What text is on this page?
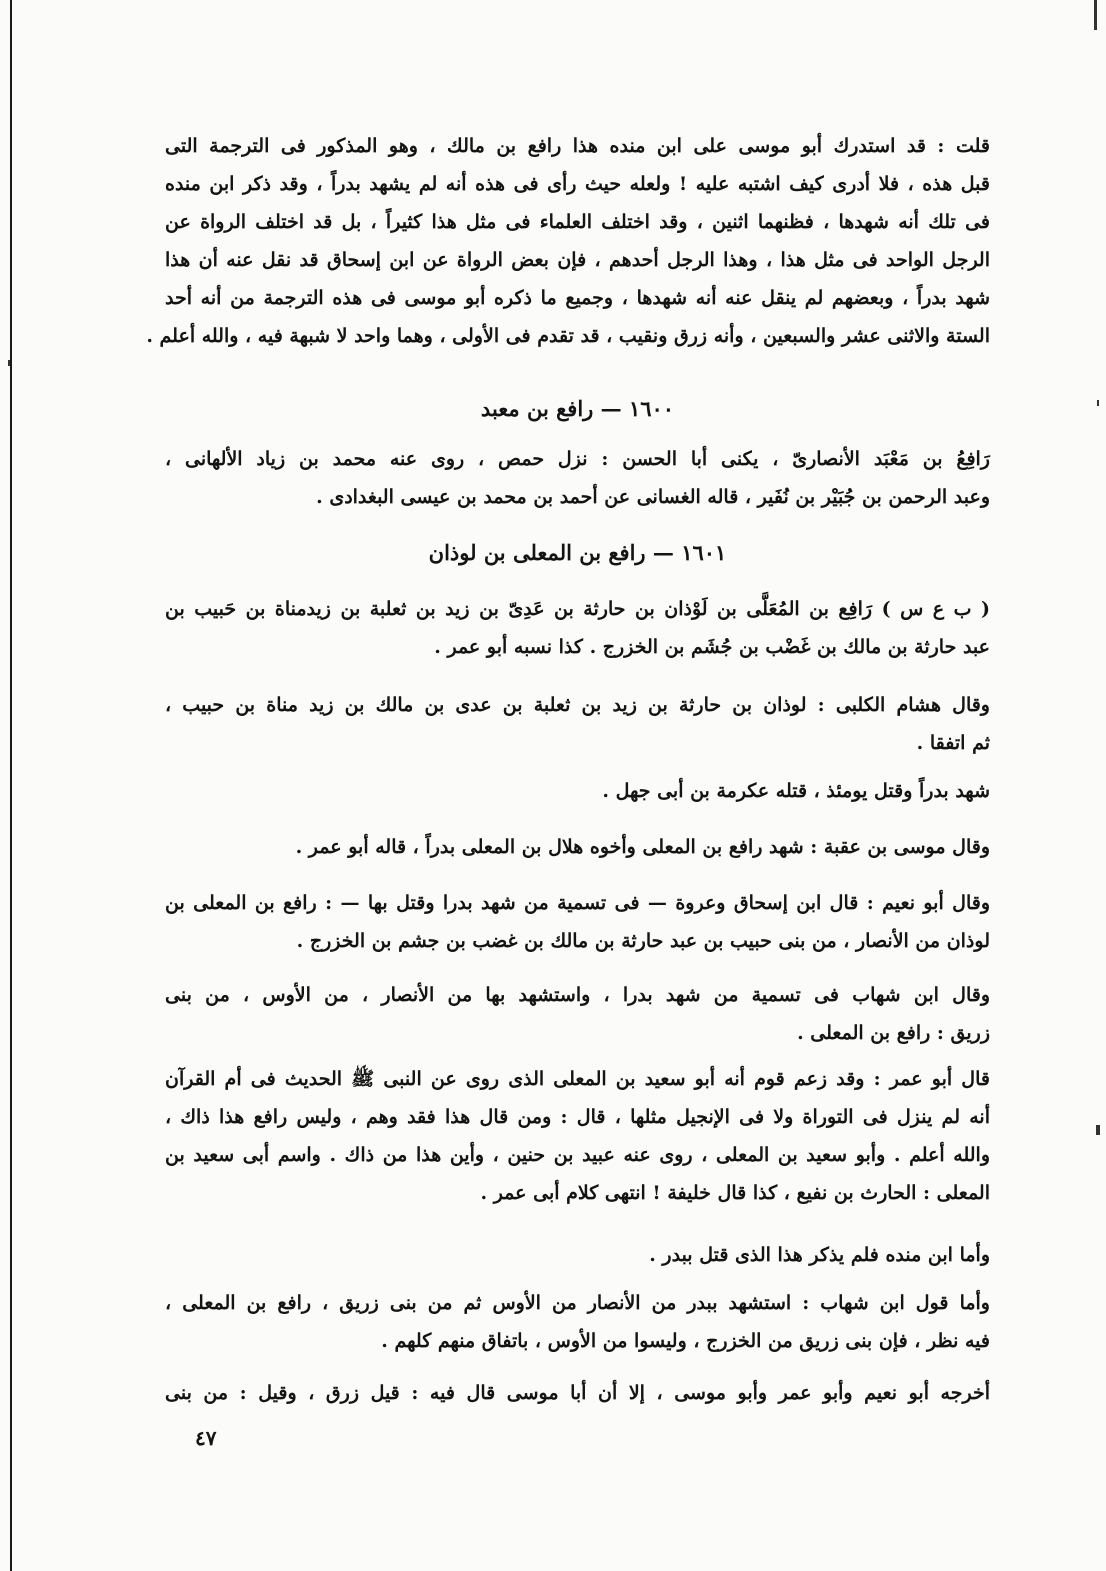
قلت : قد استدرك أبو موسى على ابن منده هذا رافع بن مالك ، وهو المذكور فى الترجمة التى
قبل هذه ، فلا أدرى كيف اشتبه عليه ! ولعله حيث رأى فى هذه أنه لم يشهد بدراً ، وقد ذكر ابن منده
فى تلك أنه شهدها ، فظنهما اثنين ، وقد اختلف العلماء فى مثل هذا كثيراً ، بل قد اختلف الرواة عن
الرجل الواحد فى مثل هذا ، وهذا الرجل أحدهم ، فإن بعض الرواة عن ابن إسحاق قد نقل عنه أن هذا
شهد بدراً ، وبعضهم لم ينقل عنه أنه شهدها ، وجميع ما ذكره أبو موسى فى هذه الترجمة من أنه أحد
الستة والاثنى عشر والسبعين ، وأنه زرق ونقيب ، قد تقدم فى الأولى ، وهما واحد لا شبهة فيه ، والله أعلم .
١٦٠٠ — رافع بن معبد
رَافِعُ بن مَعْبَد الأنصارىّ ، يكنى أبا الحسن : نزل حمص ، روى عنه محمد بن زياد الألهانى ،
وعبد الرحمن بن جُبَيْر بن نُفَير ، قاله الغسانى عن أحمد بن محمد بن عيسى البغدادى .
١٦٠١ — رافع بن المعلى بن لوذان
( ب ع س ) رَافِع بن المُعَلَّى بن لَوْذان بن حارثة بن عَدِىّ بن زيد بن ثعلبة بن زيدمناة بن حَبيب بن
عبد حارثة بن مالك بن غَضْب بن جُشَم بن الخزرج . كذا نسبه أبو عمر .
وقال هشام الكلبى : لوذان بن حارثة بن زيد بن ثعلبة بن عدى بن مالك بن زيد مناة بن حبيب ،
ثم اتفقا .
شهد بدراً وقتل يومئذ ، قتله عكرمة بن أبى جهل .
وقال موسى بن عقبة : شهد رافع بن المعلى وأخوه هلال بن المعلى بدراً ، قاله أبو عمر .
وقال أبو نعيم : قال ابن إسحاق وعروة — فى تسمية من شهد بدرا وقتل بها — : رافع بن المعلى بن
لوذان من الأنصار ، من بنى حبيب بن عبد حارثة بن مالك بن غضب بن جشم بن الخزرج .
وقال ابن شهاب فى تسمية من شهد بدرا ، واستشهد بها من الأنصار ، من الأوس ، من بنى
زريق : رافع بن المعلى .
قال أبو عمر : وقد زعم قوم أنه أبو سعيد بن المعلى الذى روى عن النبى ﷺ الحديث فى أم القرآن
أنه لم ينزل فى التوراة ولا فى الإنجيل مثلها ، قال : ومن قال هذا فقد وهم ، وليس رافع هذا ذاك ،
والله أعلم . وأبو سعيد بن المعلى ، روى عنه عبيد بن حنين ، وأين هذا من ذاك . واسم أبى سعيد بن
المعلى : الحارث بن نفيع ، كذا قال خليفة ! انتهى كلام أبى عمر .
وأما ابن منده فلم يذكر هذا الذى قتل ببدر .
وأما قول ابن شهاب : استشهد ببدر من الأنصار من الأوس ثم من بنى زريق ، رافع بن المعلى ،
فيه نظر ، فإن بنى زريق من الخزرج ، وليسوا من الأوس ، باتفاق منهم كلهم .
أخرجه أبو نعيم وأبو عمر وأبو موسى ، إلا أن أبا موسى قال فيه : قيل زرق ، وقيل : من بنى
٤٧
